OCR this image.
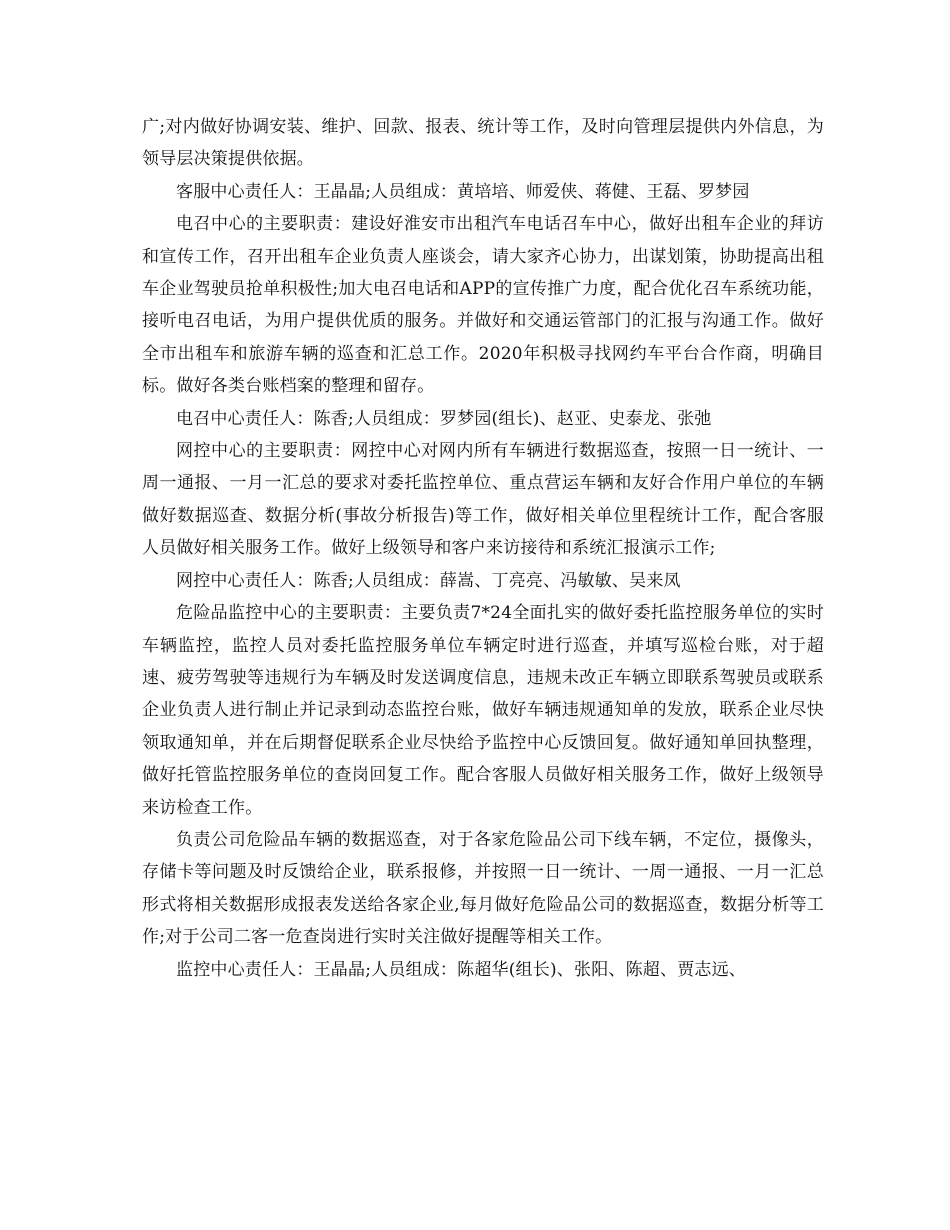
广;对内做好协调安装、维护、回款、报表、统计等工作，及时向管理层提供内外信息，为领导层决策提供依据。

客服中心责任人：王晶晶;人员组成：黄培培、师爱侠、蒋健、王磊、罗梦园

电召中心的主要职责：建设好淮安市出租汽车电话召车中心，做好出租车企业的拜访和宣传工作，召开出租车企业负责人座谈会，请大家齐心协力，出谋划策，协助提高出租车企业驾驶员抢单积极性;加大电召电话和APP的宣传推广力度，配合优化召车系统功能，接听电召电话，为用户提供优质的服务。并做好和交通运管部门的汇报与沟通工作。做好全市出租车和旅游车辆的巡查和汇总工作。2020年积极寻找网约车平台合作商，明确目标。做好各类台账档案的整理和留存。

电召中心责任人：陈香;人员组成：罗梦园(组长)、赵亚、史泰龙、张弛

网控中心的主要职责：网控中心对网内所有车辆进行数据巡查，按照一日一统计、一周一通报、一月一汇总的要求对委托监控单位、重点营运车辆和友好合作用户单位的车辆做好数据巡查、数据分析(事故分析报告)等工作，做好相关单位里程统计工作，配合客服人员做好相关服务工作。做好上级领导和客户来访接待和系统汇报演示工作;

网控中心责任人：陈香;人员组成：薛嵩、丁亮亮、冯敏敏、吴来凤

危险品监控中心的主要职责：主要负责7*24全面扎实的做好委托监控服务单位的实时车辆监控，监控人员对委托监控服务单位车辆定时进行巡查，并填写巡检台账，对于超速、疲劳驾驶等违规行为车辆及时发送调度信息，违规未改正车辆立即联系驾驶员或联系企业负责人进行制止并记录到动态监控台账，做好车辆违规通知单的发放，联系企业尽快领取通知单，并在后期督促联系企业尽快给予监控中心反馈回复。做好通知单回执整理，做好托管监控服务单位的查岗回复工作。配合客服人员做好相关服务工作，做好上级领导来访检查工作。

负责公司危险品车辆的数据巡查，对于各家危险品公司下线车辆，不定位，摄像头，存储卡等问题及时反馈给企业，联系报修，并按照一日一统计、一周一通报、一月一汇总形式将相关数据形成报表发送给各家企业,每月做好危险品公司的数据巡查，数据分析等工作;对于公司二客一危查岗进行实时关注做好提醒等相关工作。

监控中心责任人：王晶晶;人员组成：陈超华(组长)、张阳、陈超、贾志远、
